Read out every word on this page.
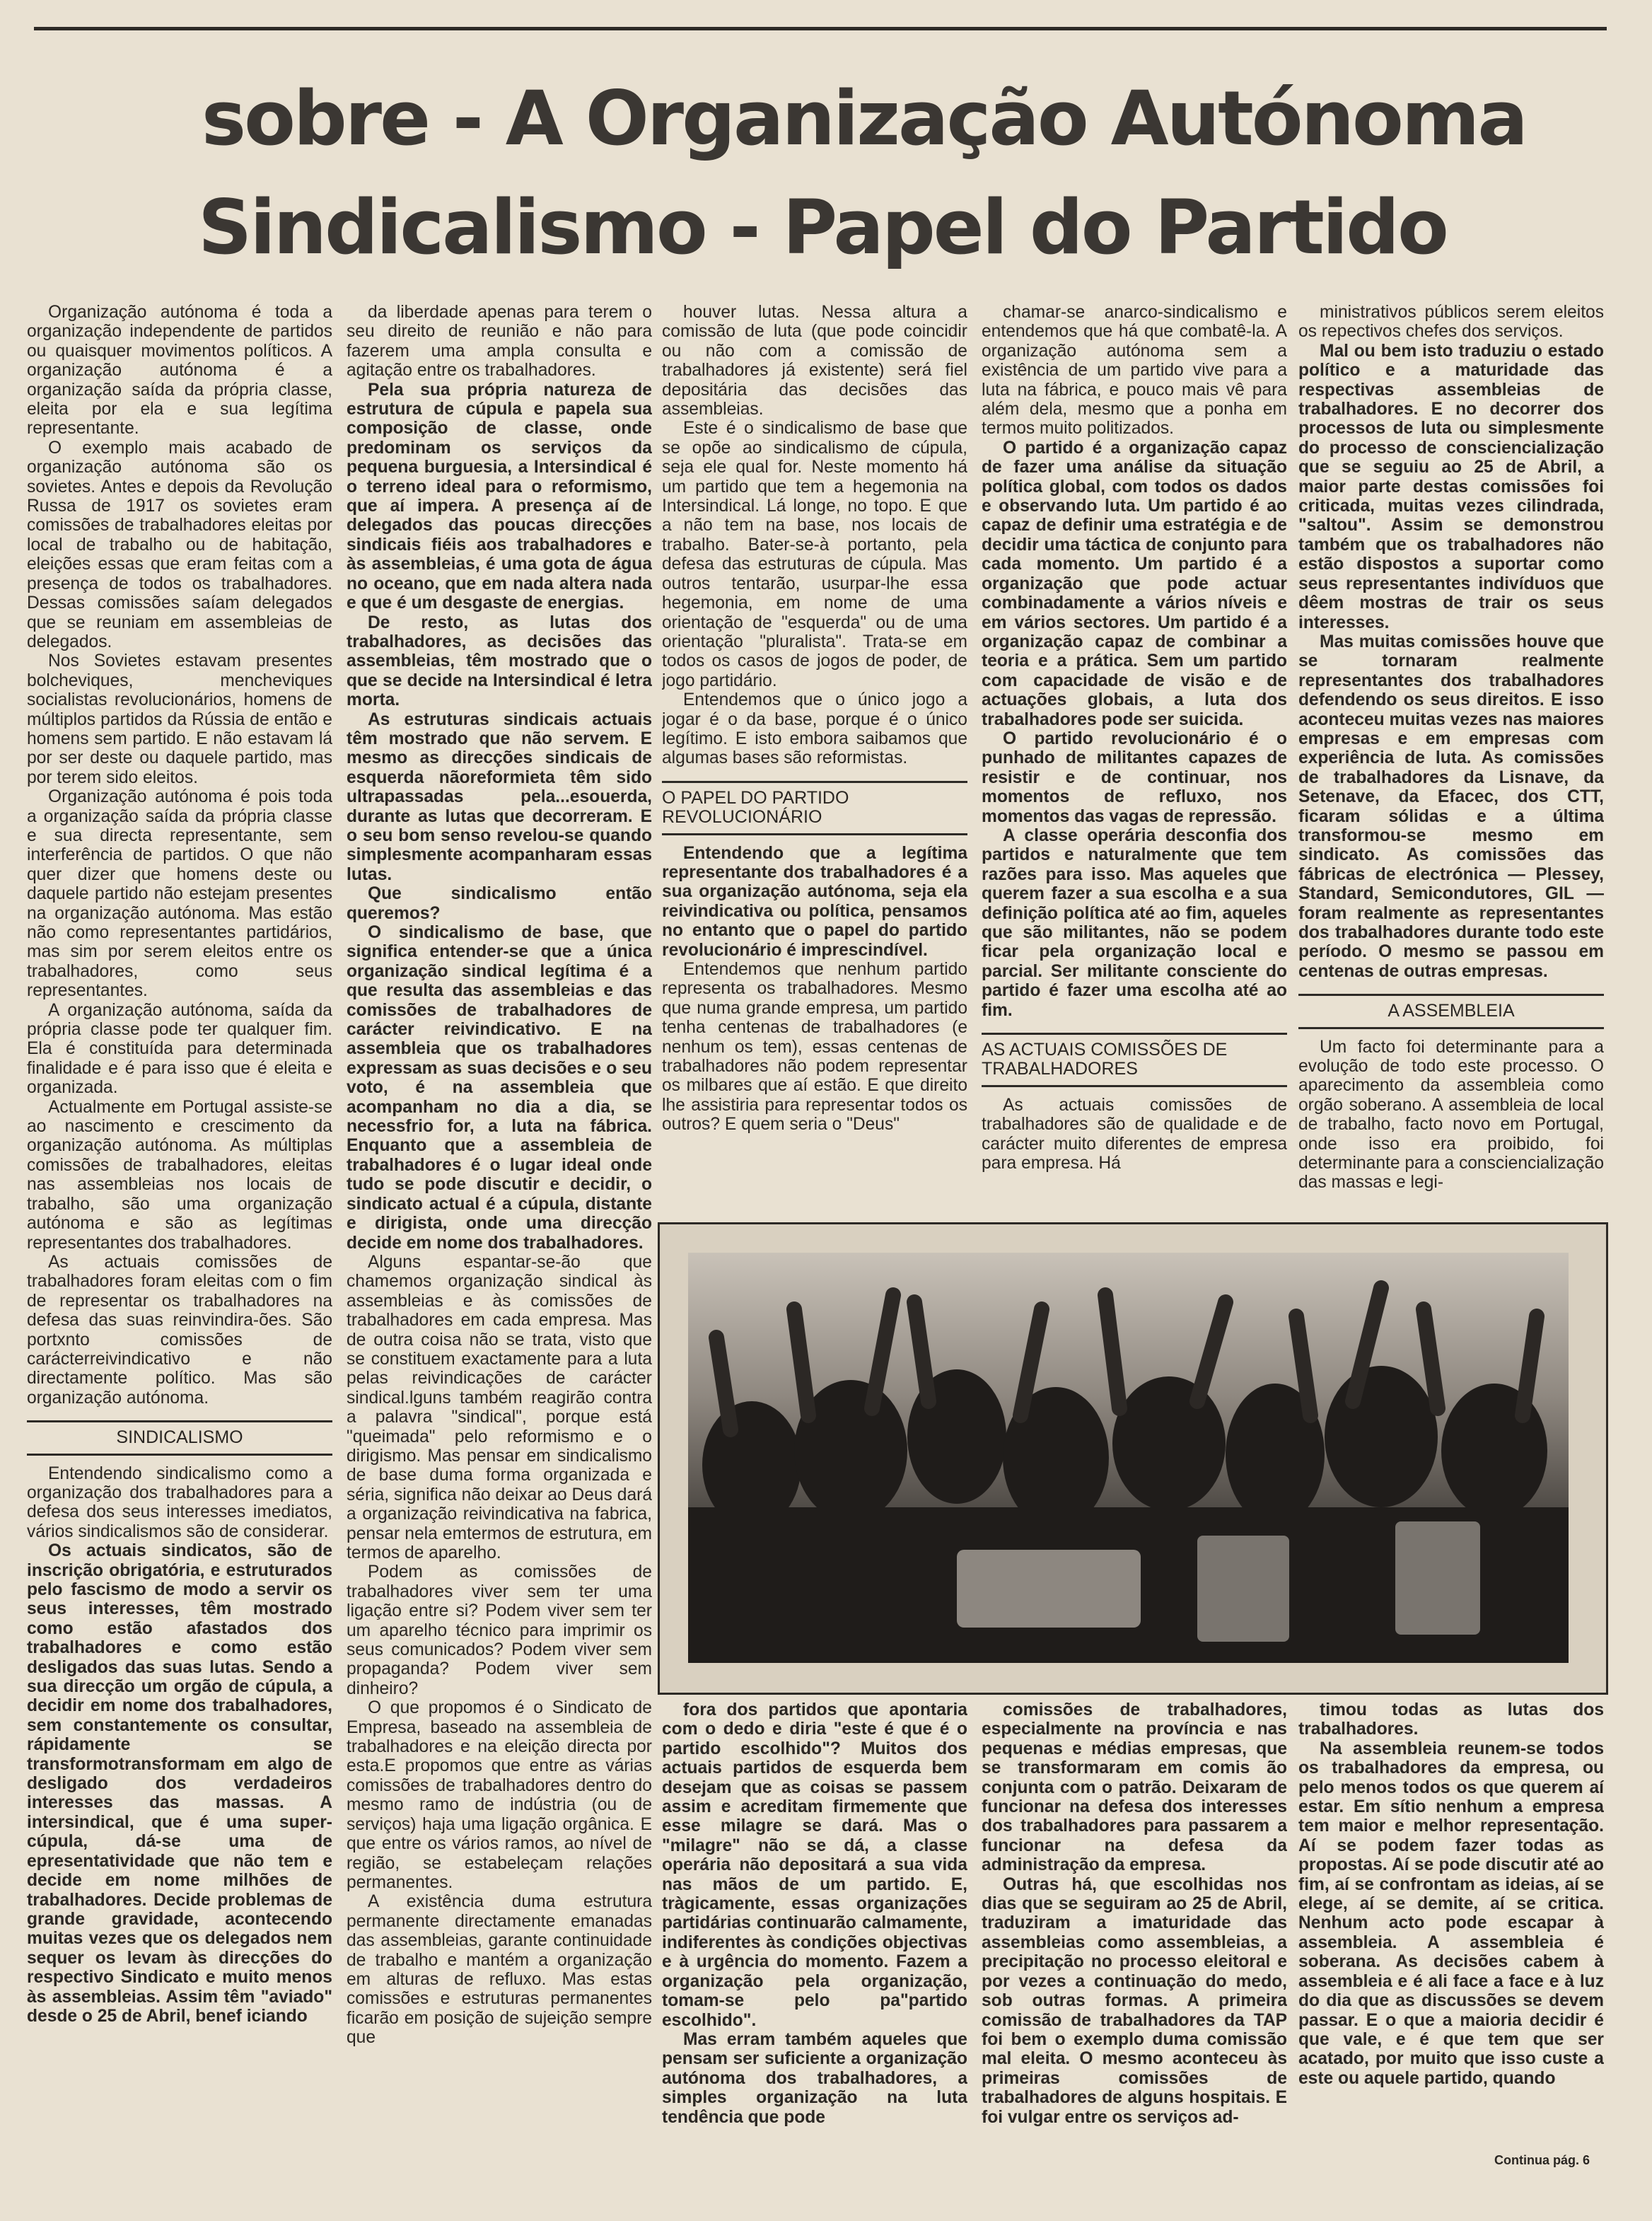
sobre - A Organização Autónoma
Sindicalismo - Papel do Partido

Organização autónoma é toda a organização independente de partidos ou quaisquer movimentos políticos. A organização autónoma é a organização saída da própria classe, eleita por ela e sua legítima representante.

O exemplo mais acabado de organização autónoma são os sovietes. Antes e depois da Revolução Russa de 1917 os sovietes eram comissões de trabalhadores eleitas por local de trabalho ou de habitação, eleições essas que eram feitas com a presença de todos os trabalhadores. Dessas comissões saíam delegados que se reuniam em assembleias de delegados.

Nos Sovietes estavam presentes bolcheviques, mencheviques socialistas revolucionários, homens de múltiplos partidos da Rússia de então e homens sem partido. E não estavam lá por ser deste ou daquele partido, mas por terem sido eleitos.

Organização autónoma é pois toda a organização saída da própria classe e sua directa representante, sem interferência de partidos. O que não quer dizer que homens deste ou daquele partido não estejam presentes na organização autónoma. Mas estão não como representantes partidários, mas sim por serem eleitos entre os trabalhadores, como seus representantes.

A organização autónoma, saída da própria classe pode ter qualquer fim. Ela é constituída para determinada finalidade e é para isso que é eleita e organizada.

Actualmente em Portugal assiste-se ao nascimento e crescimento da organização autónoma. As múltiplas comissões de trabalhadores, eleitas nas assembleias nos locais de trabalho, são uma organização autónoma e são as legítimas representantes dos trabalhadores.

As actuais comissões de trabalhadores foram eleitas com o fim de representar os trabalhadores na defesa das suas reinvindira-ões. São portxnto comissões de carácterreivindicativo e não directamente político. Mas são organização autónoma.

SINDICALISMO

Entendendo sindicalismo como a organização dos trabalhadores para a defesa dos seus interesses imediatos, vários sindicalismos são de considerar.

Os actuais sindicatos, são de inscrição obrigatória, e estruturados pelo fascismo de modo a servir os seus interesses, têm mostrado como estão afastados dos trabalhadores e como estão desligados das suas lutas. Sendo a sua direcção um orgão de cúpula, a decidir em nome dos trabalhadores, sem constantemente os consultar, rápidamente se transformotransformam em algo de desligado dos verdadeiros interesses das massas. A intersindical, que é uma super-cúpula, dá-se uma de epresentatividade que não tem e decide em nome milhões de trabalhadores. Decide problemas de grande gravidade, acontecendo muitas vezes que os delegados nem sequer os levam às direcções do respectivo Sindicato e muito menos às assembleias. Assim têm "aviado" desde o 25 de Abril, benef iciando

da liberdade apenas para terem o seu direito de reunião e não para fazerem uma ampla consulta e agitação entre os trabalhadores.

Pela sua própria natureza de estrutura de cúpula e papela sua composição de classe, onde predominam os serviços da pequena burguesia, a Intersindical é o terreno ideal para o reformismo, que aí impera. A presença aí de delegados das poucas direcções sindicais fiéis aos trabalhadores e às assembleias, é uma gota de água no oceano, que em nada altera nada e que é um desgaste de energias.

De resto, as lutas dos trabalhadores, as decisões das assembleias, têm mostrado que o que se decide na Intersindical é letra morta.

As estruturas sindicais actuais têm mostrado que não servem. E mesmo as direcções sindicais de esquerda nãoreformieta têm sido ultrapassadas pela...esouerda, durante as lutas que decorreram. E o seu bom senso revelou-se quando simplesmente acompanharam essas lutas.

Que sindicalismo então queremos?

O sindicalismo de base, que significa entender-se que a única organização sindical legítima é a que resulta das assembleias e das comissões de trabalhadores de carácter reivindicativo. E na assembleia que os trabalhadores expressam as suas decisões e o seu voto, é na assembleia que acompanham no dia a dia, se necessfrio for, a luta na fábrica. Enquanto que a assembleia de trabalhadores é o lugar ideal onde tudo se pode discutir e decidir, o sindicato actual é a cúpula, distante e dirigista, onde uma direcção decide em nome dos trabalhadores.

Alguns espantar-se-ão que chamemos organização sindical às assembleias e às comissões de trabalhadores em cada empresa. Mas de outra coisa não se trata, visto que se constituem exactamente para a luta pelas reivindicações de carácter sindical.lguns também reagirão contra a palavra "sindical", porque está "queimada" pelo reformismo e o dirigismo. Mas pensar em sindicalismo de base duma forma organizada e séria, significa não deixar ao Deus dará a organização reivindicativa na fabrica, pensar nela emtermos de estrutura, em termos de aparelho.

Podem as comissões de trabalhadores viver sem ter uma ligação entre si? Podem viver sem ter um aparelho técnico para imprimir os seus comunicados? Podem viver sem propaganda? Podem viver sem dinheiro?

O que propomos é o Sindicato de Empresa, baseado na assembleia de trabalhadores e na eleição directa por esta.E propomos que entre as várias comissões de trabalhadores dentro do mesmo ramo de indústria (ou de serviços) haja uma ligação orgânica. E que entre os vários ramos, ao nível de região, se estabeleçam relações permanentes.

A existência duma estrutura permanente directamente emanadas das assembleias, garante continuidade de trabalho e mantém a organização em alturas de refluxo. Mas estas comissões e estruturas permanentes ficarão em posição de sujeição sempre que

houver lutas. Nessa altura a comissão de luta (que pode coincidir ou não com a comissão de trabalhadores já existente) será fiel depositária das decisões das assembleias.

Este é o sindicalismo de base que se opõe ao sindicalismo de cúpula, seja ele qual for. Neste momento há um partido que tem a hegemonia na Intersindical. Lá longe, no topo. E que a não tem na base, nos locais de trabalho. Bater-se-à portanto, pela defesa das estruturas de cúpula. Mas outros tentarão, usurpar-lhe essa hegemonia, em nome de uma orientação de "esquerda" ou de uma orientação "pluralista". Trata-se em todos os casos de jogos de poder, de jogo partidário.

Entendemos que o único jogo a jogar é o da base, porque é o único legítimo. E isto embora saibamos que algumas bases são reformistas.

O PAPEL DO PARTIDO REVOLUCIONÁRIO

Entendendo que a legítima representante dos trabalhadores é a sua organização autónoma, seja ela reivindicativa ou política, pensamos no entanto que o papel do partido revolucionário é imprescindível.

Entendemos que nenhum partido representa os trabalhadores. Mesmo que numa grande empresa, um partido tenha centenas de trabalhadores (e nenhum os tem), essas centenas de trabalhadores não podem representar os milbares que aí estão. E que direito lhe assistiria para representar todos os outros? E quem seria o "Deus"

chamar-se anarco-sindicalismo e entendemos que há que combatê-la. A organização autónoma sem a existência de um partido vive para a luta na fábrica, e pouco mais vê para além dela, mesmo que a ponha em termos muito politizados.

O partido é a organização capaz de fazer uma análise da situação política global, com todos os dados e observando luta. Um partido é ao capaz de definir uma estratégia e de decidir uma táctica de conjunto para cada momento. Um partido é a organização que pode actuar combinadamente a vários níveis e em vários sectores. Um partido é a organização capaz de combinar a teoria e a prática. Sem um partido com capacidade de visão e de actuações globais, a luta dos trabalhadores pode ser suicida.

O partido revolucionário é o punhado de militantes capazes de resistir e de continuar, nos momentos de refluxo, nos momentos das vagas de repressão.

A classe operária desconfia dos partidos e naturalmente que tem razões para isso. Mas aqueles que querem fazer a sua escolha e a sua definição política até ao fim, aqueles que são militantes, não se podem ficar pela organização local e parcial. Ser militante consciente do partido é fazer uma escolha até ao fim.

AS ACTUAIS COMISSÕES DE TRABALHADORES

As actuais comissões de trabalhadores são de qualidade e de carácter muito diferentes de empresa para empresa. Há

ministrativos públicos serem eleitos os repectivos chefes dos serviços.

Mal ou bem isto traduziu o estado político e a maturidade das respectivas assembleias de trabalhadores. E no decorrer dos processos de luta ou simplesmente do processo de consciencialização que se seguiu ao 25 de Abril, a maior parte destas comissões foi criticada, muitas vezes cilindrada, "saltou". Assim se demonstrou também que os trabalhadores não estão dispostos a suportar como seus representantes indivíduos que dêem mostras de trair os seus interesses.

Mas muitas comissões houve que se tornaram realmente representantes dos trabalhadores defendendo os seus direitos. E isso aconteceu muitas vezes nas maiores empresas e em empresas com experiência de luta. As comissões de trabalhadores da Lisnave, da Setenave, da Efacec, dos CTT, ficaram sólidas e a última transformou-se mesmo em sindicato. As comissões das fábricas de electrónica — Plessey, Standard, Semicondutores, GIL — foram realmente as representantes dos trabalhadores durante todo este período. O mesmo se passou em centenas de outras empresas.

A ASSEMBLEIA

Um facto foi determinante para a evolução de todo este processo. O aparecimento da assembleia como orgão soberano. A assembleia de local de trabalho, facto novo em Portugal, onde isso era proibido, foi determinante para a consciencialização das massas e legi-

fora dos partidos que apontaria com o dedo e diria "este é que é o partido escolhido"? Muitos dos actuais partidos de esquerda bem desejam que as coisas se passem assim e acreditam firmemente que esse milagre se dará. Mas o "milagre" não se dá, a classe operária não depositará a sua vida nas mãos de um partido. E, tràgicamente, essas organizações partidárias continuarão calmamente, indiferentes às condições objectivas e à urgência do momento. Fazem a organização pela organização, tomam-se pelo pa"partido escolhido".

Mas erram também aqueles que pensam ser suficiente a organização autónoma dos trabalhadores, a simples organização na luta tendência que pode

comissões de trabalhadores, especialmente na província e nas pequenas e médias empresas, que se transformaram em comis ão conjunta com o patrão. Deixaram de funcionar na defesa dos interesses dos trabalhadores para passarem a funcionar na defesa da administração da empresa.

Outras há, que escolhidas nos dias que se seguiram ao 25 de Abril, traduziram a imaturidade das assembleias como assembleias, a precipitação no processo eleitoral e por vezes a continuação do medo, sob outras formas. A primeira comissão de trabalhadores da TAP foi bem o exemplo duma comissão mal eleita. O mesmo aconteceu às primeiras comissões de trabalhadores de alguns hospitais. E foi vulgar entre os serviços ad-

timou todas as lutas dos trabalhadores.

Na assembleia reunem-se todos os trabalhadores da empresa, ou pelo menos todos os que querem aí estar. Em sítio nenhum a empresa tem maior e melhor representação. Aí se podem fazer todas as propostas. Aí se pode discutir até ao fim, aí se confrontam as ideias, aí se elege, aí se demite, aí se critica. Nenhum acto pode escapar à assembleia. A assembleia é soberana. As decisões cabem à assembleia e é ali face a face e à luz do dia que as discussões se devem passar. E o que a maioria decidir é que vale, e é que tem que ser acatado, por muito que isso custe a este ou aquele partido, quando

Continua pág. 6
